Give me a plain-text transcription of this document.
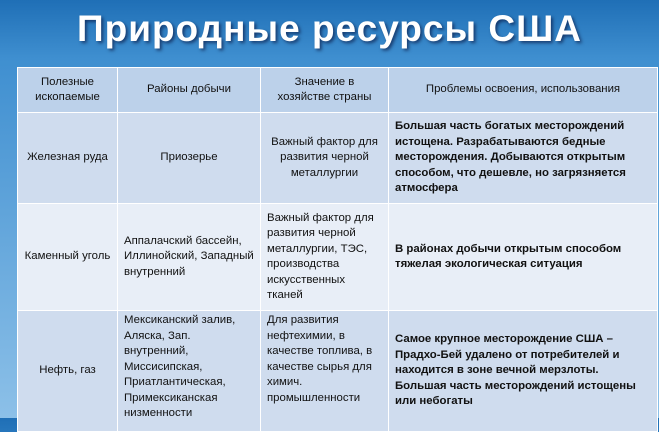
Природные ресурсы США
Полезные ископаемые	Районы добычи	Значение в хозяйстве страны	Проблемы освоения, использования
Железная руда	Приозерье	Важный фактор для развития черной металлургии	Большая часть богатых месторождений истощена. Разрабатываются бедные месторождения. Добываются открытым способом, что дешевле, но загрязняется атмосфера
Каменный уголь	Аппалачский бассейн, Иллинойский, Западный внутренний	Важный фактор для развития черной металлургии, ТЭС, производства искусственных тканей	В районах добычи открытым способом тяжелая экологическая ситуация
Нефть, газ	Мексиканский залив, Аляска, Зап. внутренний, Миссисипская, Приатлантическая, Примексиканская низменности	Для развития нефтехимии, в качестве топлива, в качестве сырья для химич. промышленности	Самое крупное месторождение США – Прадхо-Бей удалено от потребителей и находится в зоне вечной мерзлоты. Большая часть месторождений истощены или небогаты
